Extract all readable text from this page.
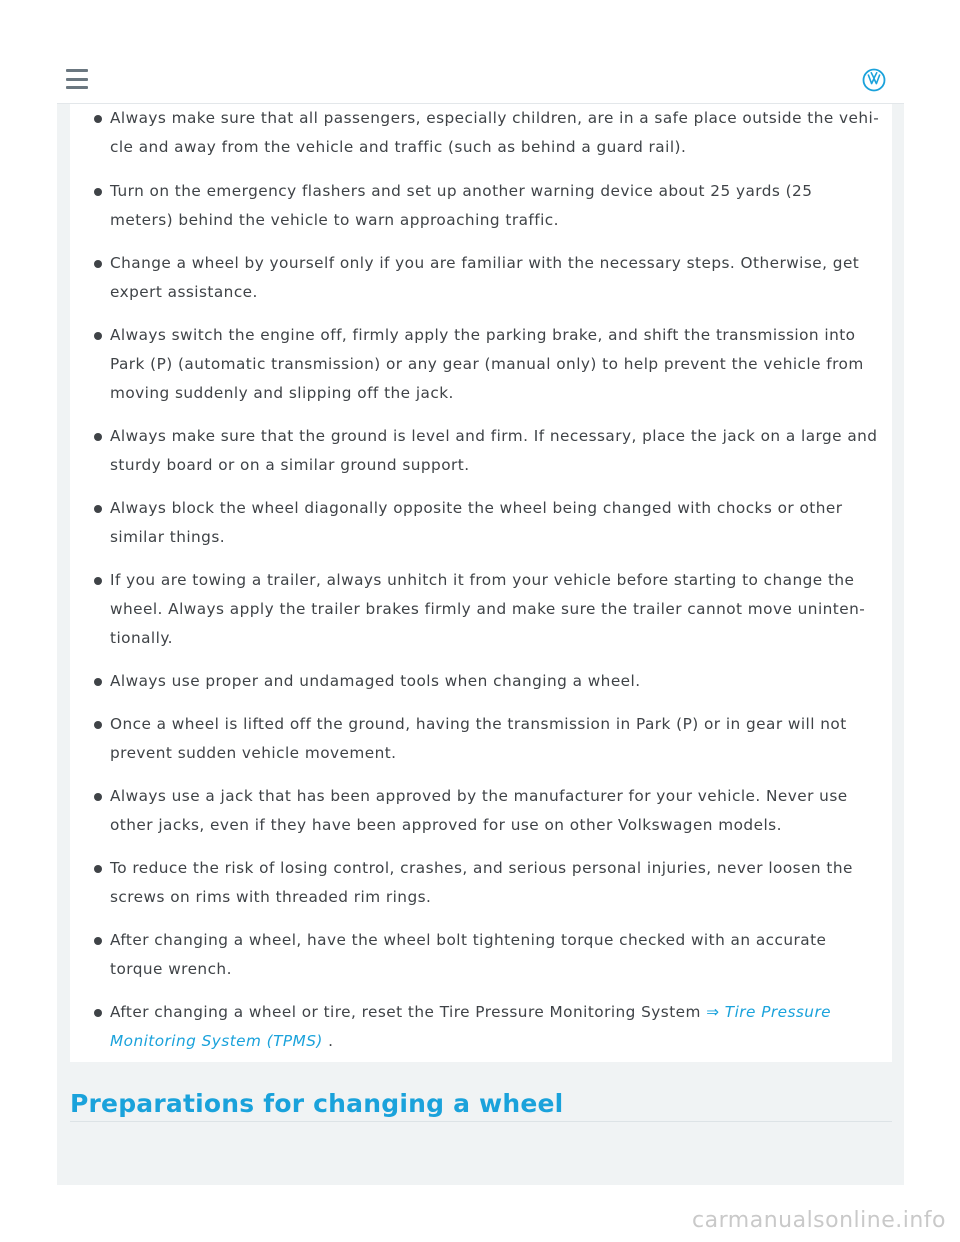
Always make sure that all passengers, especially children, are in a safe place outside the vehi-cle and away from the vehicle and traffic (such as behind a guard rail).
Turn on the emergency flashers and set up another warning device about 25 yards (25 meters) behind the vehicle to warn approaching traffic.
Change a wheel by yourself only if you are familiar with the necessary steps. Otherwise, get expert assistance.
Always switch the engine off, firmly apply the parking brake, and shift the transmission into Park (P) (automatic transmission) or any gear (manual only) to help prevent the vehicle from moving suddenly and slipping off the jack.
Always make sure that the ground is level and firm. If necessary, place the jack on a large and sturdy board or on a similar ground support.
Always block the wheel diagonally opposite the wheel being changed with chocks or other similar things.
If you are towing a trailer, always unhitch it from your vehicle before starting to change the wheel. Always apply the trailer brakes firmly and make sure the trailer cannot move uninten-tionally.
Always use proper and undamaged tools when changing a wheel.
Once a wheel is lifted off the ground, having the transmission in Park (P) or in gear will not prevent sudden vehicle movement.
Always use a jack that has been approved by the manufacturer for your vehicle. Never use other jacks, even if they have been approved for use on other Volkswagen models.
To reduce the risk of losing control, crashes, and serious personal injuries, never loosen the screws on rims with threaded rim rings.
After changing a wheel, have the wheel bolt tightening torque checked with an accurate torque wrench.
After changing a wheel or tire, reset the Tire Pressure Monitoring System ⇒ Tire Pressure Monitoring System (TPMS) .
Preparations for changing a wheel
carmanualsonline.info
